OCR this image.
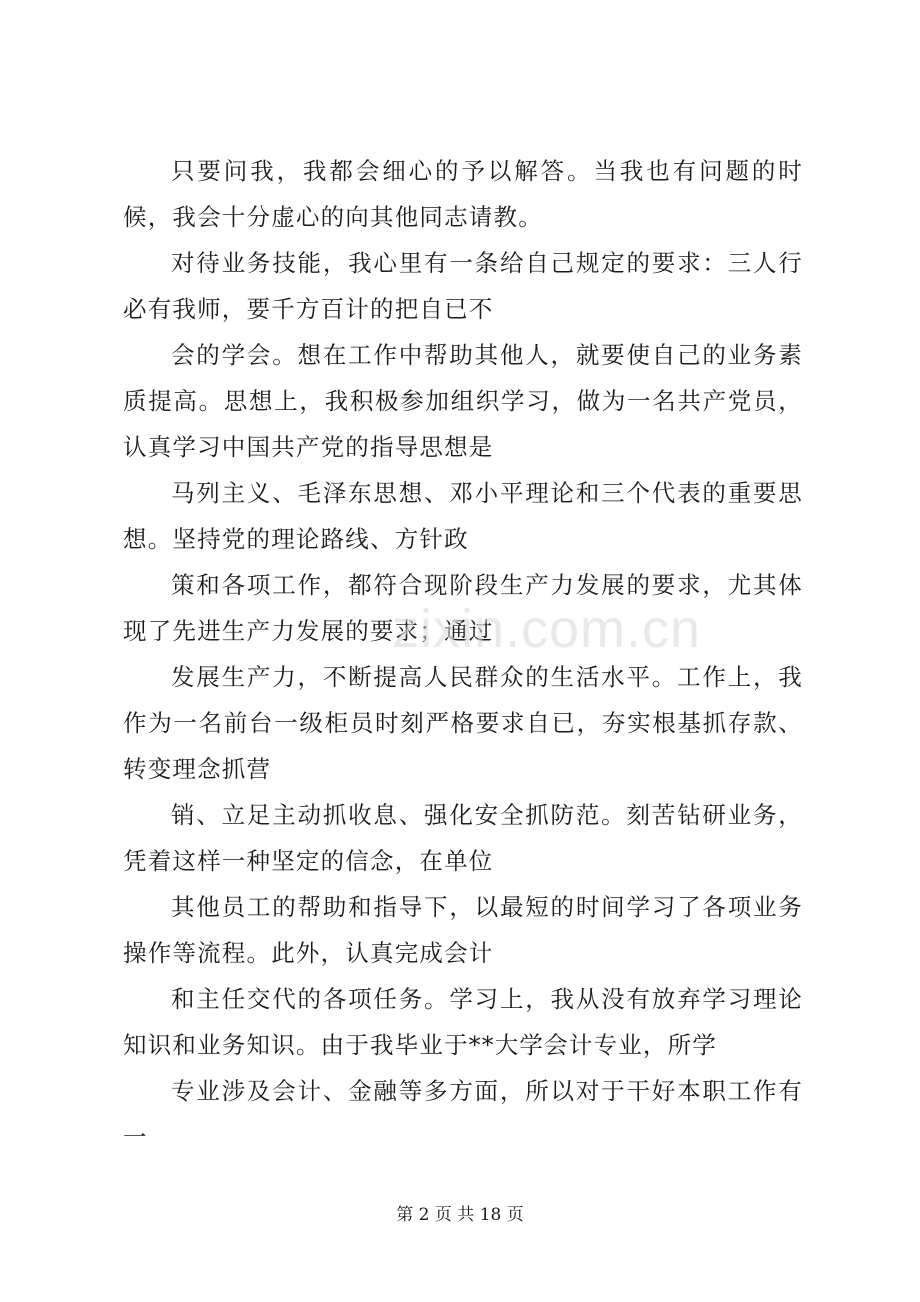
只要问我，我都会细心的予以解答。当我也有问题的时候，我会十分虚心的向其他同志请教。

对待业务技能，我心里有一条给自己规定的要求：三人行必有我师，要千方百计的把自已不

会的学会。想在工作中帮助其他人，就要使自己的业务素质提高。思想上，我积极参加组织学习，做为一名共产党员，认真学习中国共产党的指导思想是

马列主义、毛泽东思想、邓小平理论和三个代表的重要思想。坚持党的理论路线、方针政

策和各项工作，都符合现阶段生产力发展的要求，尤其体现了先进生产力发展的要求；通过

发展生产力，不断提高人民群众的生活水平。工作上，我作为一名前台一级柜员时刻严格要求自已，夯实根基抓存款、转变理念抓营

销、立足主动抓收息、强化安全抓防范。刻苦钻研业务，凭着这样一种坚定的信念，在单位

其他员工的帮助和指导下，以最短的时间学习了各项业务操作等流程。此外，认真完成会计

和主任交代的各项任务。学习上，我从没有放弃学习理论知识和业务知识。由于我毕业于**大学会计专业，所学

专业涉及会计、金融等多方面，所以对于干好本职工作有一

zixin.com.cn
第 2 页 共 18 页
